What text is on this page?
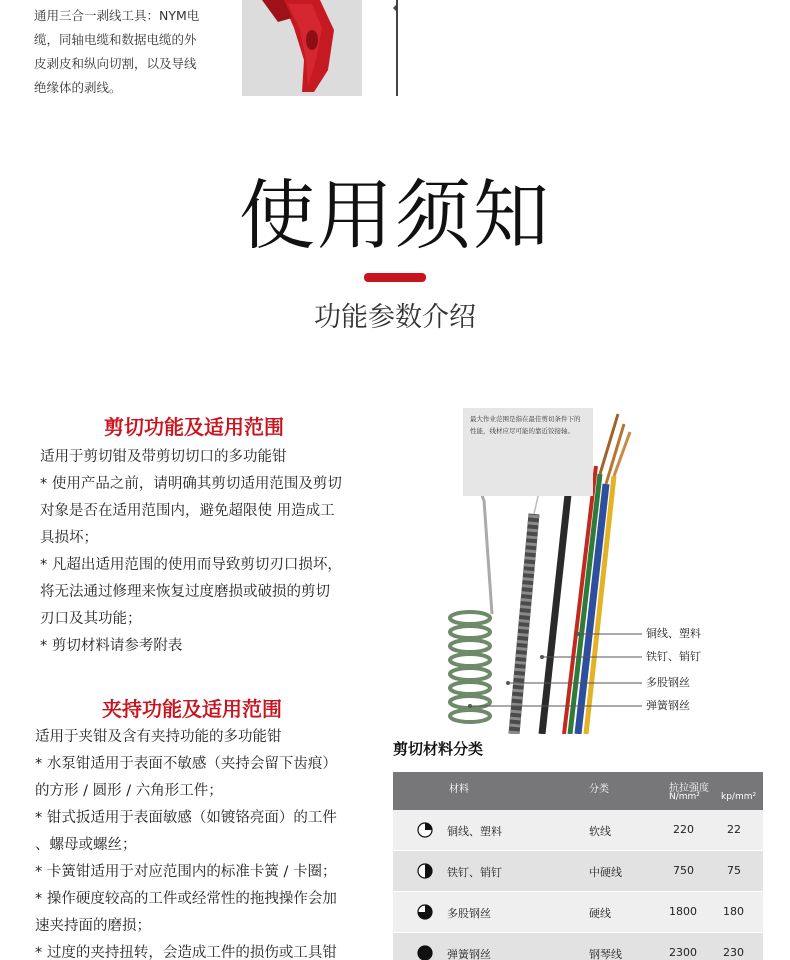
通用三合一剥线工具：NYM电

缆，同轴电缆和数据电缆的外

皮剥皮和纵向切割，以及导线

绝缘体的剥线。

使用须知
功能参数介绍
剪切功能及适用范围

适用于剪切钳及带剪切切口的多功能钳

* 使用产品之前，请明确其剪切适用范围及剪切

对象是否在适用范围内，避免超限使 用造成工

具损坏；

* 凡超出适用范围的使用而导致剪切刃口损坏，

将无法通过修理来恢复过度磨损或破损的剪切

刃口及其功能；

* 剪切材料请参考附表

夹持功能及适用范围

适用于夹钳及含有夹持功能的多功能钳

* 水泵钳适用于表面不敏感（夹持会留下齿痕）

的方形 / 圆形 / 六角形工件；

* 钳式扳适用于表面敏感（如镀铬亮面）的工件

、螺母或螺丝；

* 卡簧钳适用于对应范围内的标准卡簧 / 卡圈；

* 操作硬度较高的工件或经常性的拖拽操作会加

速夹持面的磨损；

* 过度的夹持扭转，会造成工件的损伤或工具钳

最大作业范围是指在最佳剪切条件下的性能，线材应尽可能的靠近铰接轴。
铜线、塑料
铁钉、销钉
多股钢丝
弹簧钢丝
剪切材料分类
材料	分类	抗拉强度
N/mm² kp/mm²
铜线、塑料	软线	220	22
铁钉、销钉	中硬线	750	75
多股钢丝	硬线	1800 180
弹簧钢丝	钢琴线	2300 230
